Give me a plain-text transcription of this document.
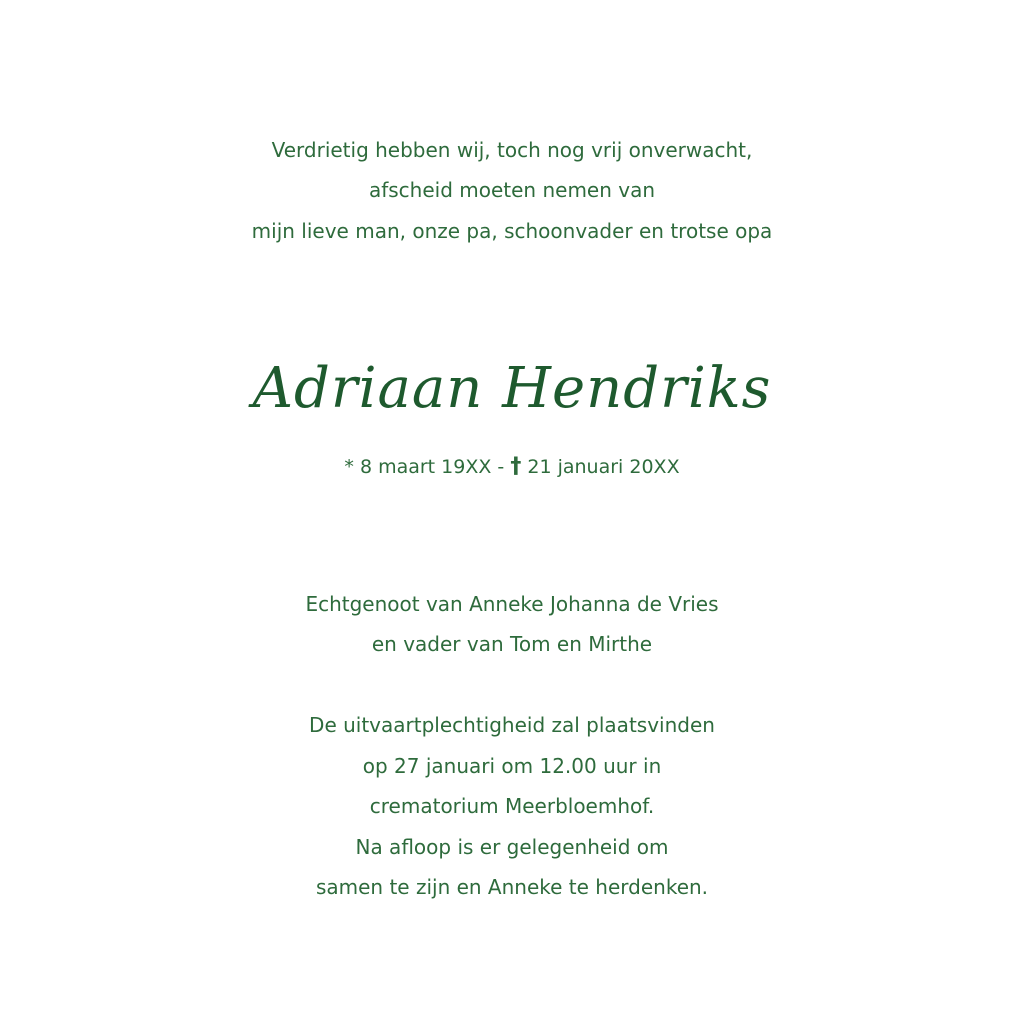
Verdrietig hebben wij, toch nog vrij onverwacht,
afscheid moeten nemen van
mijn lieve man, onze pa, schoonvader en trotse opa
Adriaan Hendriks
* 8 maart 19XX - † 21 januari 20XX
Echtgenoot van Anneke Johanna de Vries
en vader van Tom en Mirthe
De uitvaartplechtigheid zal plaatsvinden
op 27 januari om 12.00 uur in
crematorium Meerbloemhof.
Na afloop is er gelegenheid om
samen te zijn en Anneke te herdenken.
